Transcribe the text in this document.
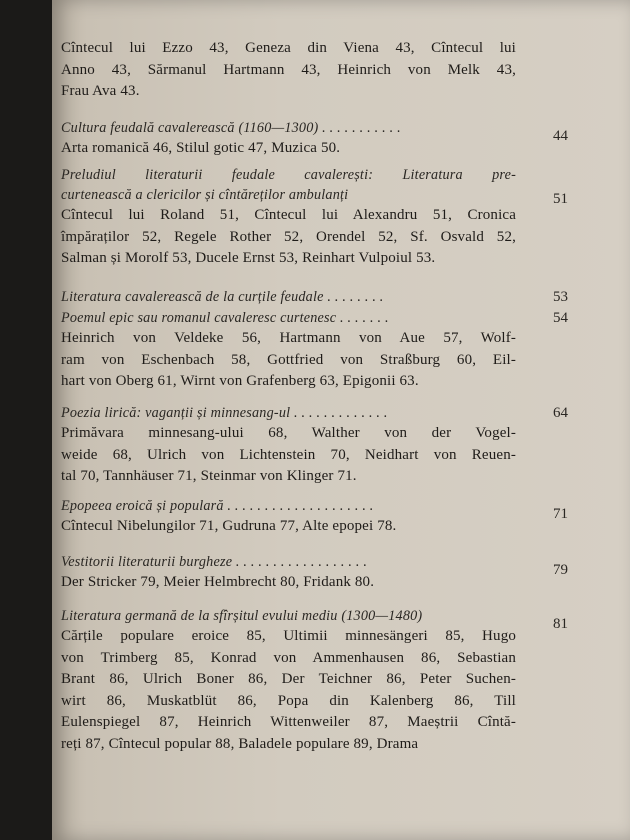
Cîntecul lui Ezzo 43, Geneza din Viena 43, Cîntecul lui
Anno 43, Sărmanul Hartmann 43, Heinrich von Melk 43,
Frau Ava 43.
Cultura feudală cavalerească (1160—1300) . . . . . . . . . . .
Arta romanică 46, Stilul gotic 47, Muzica 50.
Preludiul literaturii feudale cavalerești: Literatura pre-
curtenească a clericilor și cîntăreților ambulanți
Cîntecul lui Roland 51, Cîntecul lui Alexandru 51, Cronica
împăraților 52, Regele Rother 52, Orendel 52, Sf. Osvald 52,
Salman și Morolf 53, Ducele Ernst 53, Reinhart Vulpoiul 53.
Literatura cavalerească de la curțile feudale . . . . . . . .
Poemul epic sau romanul cavaleresc curtenesc . . . . . . .
Heinrich von Veldeke 56, Hartmann von Aue 57, Wolf-
ram von Eschenbach 58, Gottfried von Straßburg 60, Eil-
hart von Oberg 61, Wirnt von Grafenberg 63, Epigonii 63.
Poezia lirică: vaganții și minnesang-ul . . . . . . . . . . . . .
Primăvara minnesang-ului 68, Walther von der Vogel-
weide 68, Ulrich von Lichtenstein 70, Neidhart von Reuen-
tal 70, Tannhäuser 71, Steinmar von Klinger 71.
Epopeea eroică și populară . . . . . . . . . . . . . . . . . . . .
Cîntecul Nibelungilor 71, Gudruna 77, Alte epopei 78.
Vestitorii literaturii burgheze . . . . . . . . . . . . . . . . . .
Der Stricker 79, Meier Helmbrecht 80, Fridank 80.
Literatura germană de la sfîrșitul evului mediu (1300—1480)
Cărțile populare eroice 85, Ultimii minnesängeri 85, Hugo
von Trimberg 85, Konrad von Ammenhausen 86, Sebastian
Brant 86, Ulrich Boner 86, Der Teichner 86, Peter Suchen-
wirt 86, Muskatblüt 86, Popa din Kalenberg 86, Till
Eulenspiegel 87, Heinrich Wittenweiler 87, Maeștrii Cîntă-
reți 87, Cîntecul popular 88, Baladele populare 89, Drama
44
51
53
54
64
71
79
81
